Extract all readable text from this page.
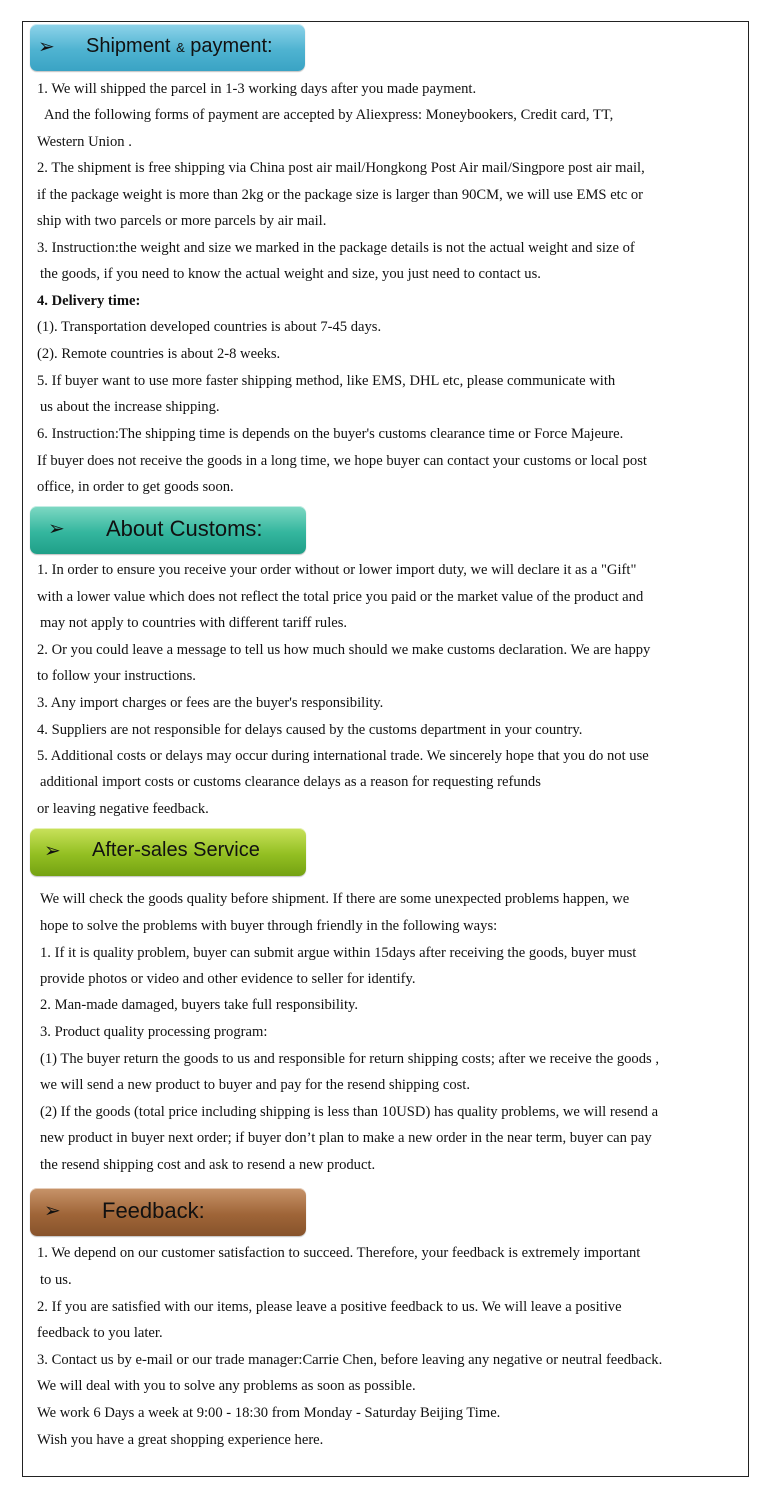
➢ Shipment & payment:

1. We will shipped the parcel in 1-3 working days after you made payment.

And the following forms of payment are accepted by Aliexpress: Moneybookers, Credit card, TT,

Western Union .

2. The shipment is free shipping via China post air mail/Hongkong Post Air mail/Singpore post air mail,

if the package weight is more than 2kg or the package size is larger than 90CM, we will use EMS etc or

ship with two parcels or more parcels by air mail.

3. Instruction:the weight and size we marked in the package details is not the actual weight and size of

the goods, if you need to know the actual weight and size, you just need to contact us.

4. Delivery time:

(1). Transportation developed countries is about 7-45 days.

(2). Remote countries is about 2-8 weeks.

5. If buyer want to use more faster shipping method, like EMS, DHL etc, please communicate with

us about the increase shipping.

6. Instruction:The shipping time is depends on the buyer's customs clearance time or Force Majeure.

If buyer does not receive the goods in a long time, we hope buyer can contact your customs or local post

office, in order to get goods soon.

➢ About Customs:

1. In order to ensure you receive your order without or lower import duty, we will declare it as a "Gift"

with a lower value which does not reflect the total price you paid or the market value of the product and

may not apply to countries with different tariff rules.

2. Or you could leave a message to tell us how much should we make customs declaration. We are happy

to follow your instructions.

3. Any import charges or fees are the buyer's responsibility.

4. Suppliers are not responsible for delays caused by the customs department in your country.

5. Additional costs or delays may occur during international trade. We sincerely hope that you do not use

additional import costs or customs clearance delays as a reason for requesting refunds

or leaving negative feedback.

➢ After-sales Service

We will check the goods quality before shipment. If there are some unexpected problems happen, we

hope to solve the problems with buyer through friendly in the following ways:

1. If it is quality problem, buyer can submit argue within 15days after receiving the goods, buyer must

provide photos or video and other evidence to seller for identify.

2. Man-made damaged, buyers take full responsibility.

3. Product quality processing program:

(1) The buyer return the goods to us and responsible for return shipping costs; after we receive the goods ,

we will send a new product to buyer and pay for the resend shipping cost.

(2) If the goods (total price including shipping is less than 10USD) has quality problems, we will resend a

new product in buyer next order; if buyer don’t plan to make a new order in the near term, buyer can pay

the resend shipping cost and ask to resend a new product.

➢ Feedback:

1. We depend on our customer satisfaction to succeed. Therefore, your feedback is extremely important

to us.

2. If you are satisfied with our items, please leave a positive feedback to us. We will leave a positive

feedback to you later.

3. Contact us by e-mail or our trade manager:Carrie Chen, before leaving any negative or neutral feedback.

We will deal with you to solve any problems as soon as possible.

We work 6 Days a week at 9:00 - 18:30 from Monday - Saturday Beijing Time.

Wish you have a great shopping experience here.
